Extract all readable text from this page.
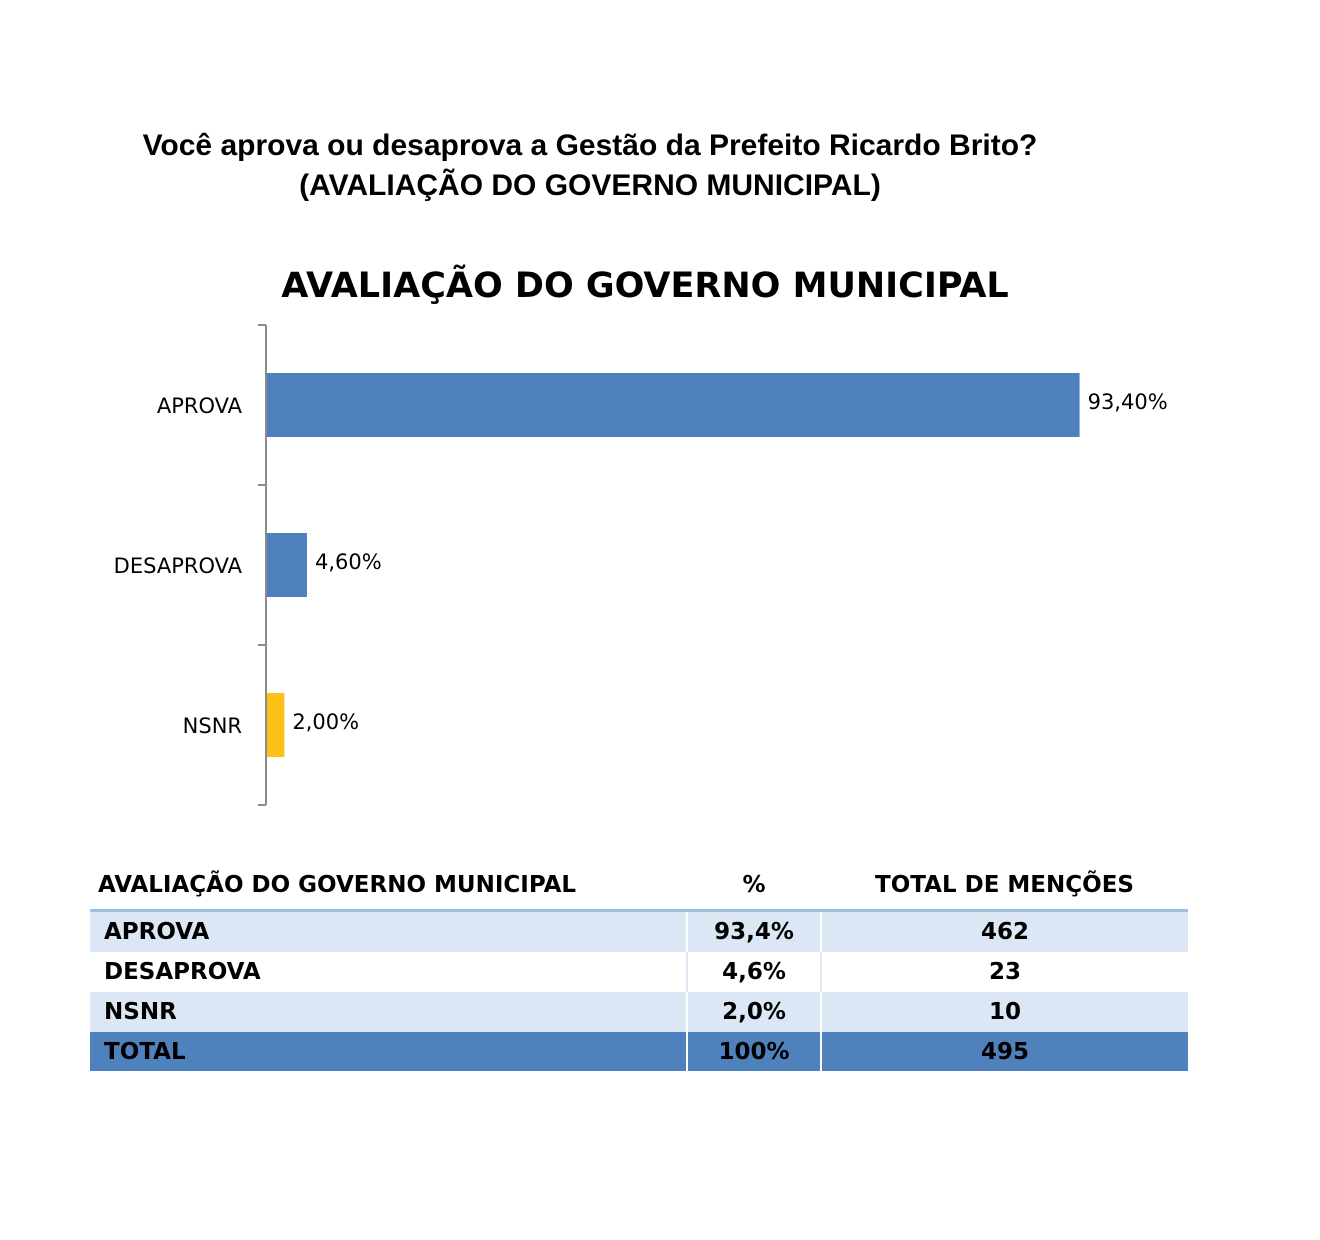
Você aprova ou desaprova a Gestão da Prefeito Ricardo Brito?
(AVALIAÇÃO DO GOVERNO MUNICIPAL)
AVALIAÇÃO DO GOVERNO MUNICIPAL
APROVA
DESAPROVA
NSNR
93,40%
4,60%
2,00%
AVALIAÇÃO DO GOVERNO MUNICIPAL	%	TOTAL DE MENÇÕES
APROVA	93,4%	462
DESAPROVA	4,6%	23
NSNR	2,0%	10
TOTAL	100%	495
